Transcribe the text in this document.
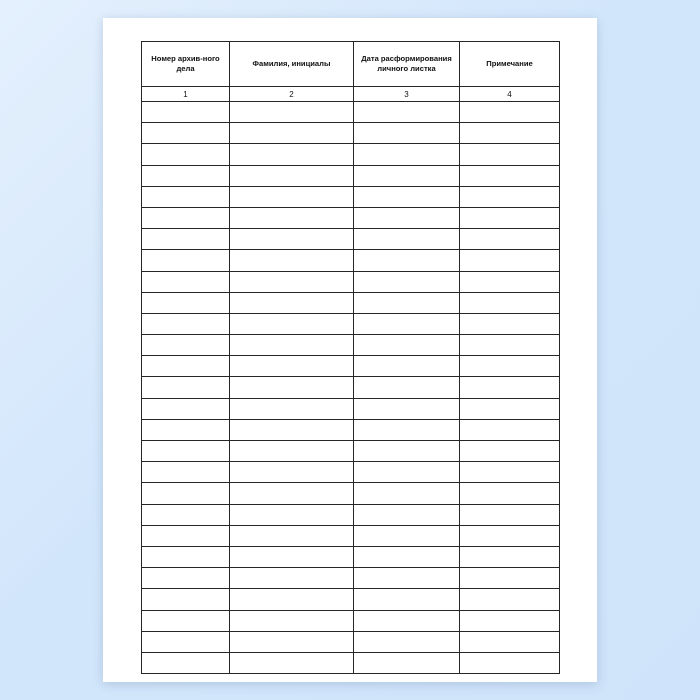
Номер архив-ного дела	Фамилия, инициалы	Дата расформирования личного листка	Примечание
1	2	3	4
